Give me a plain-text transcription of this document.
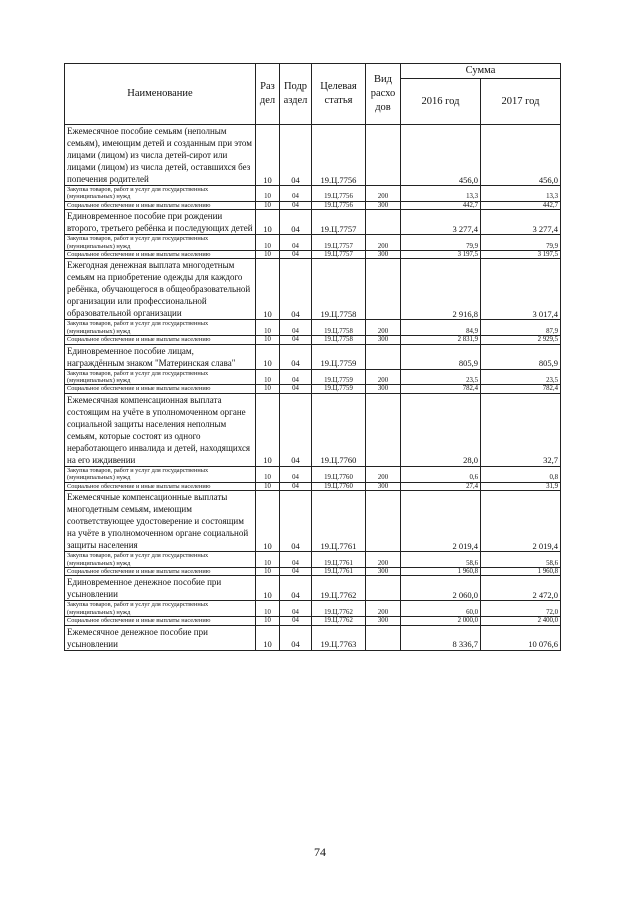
Наименование	Раз дел	Подр аздел	Целевая статья	Вид расхо дов	Сумма	
					2016 год	2017 год
Ежемесячное пособие семьям (неполным семьям), имеющим детей и созданным при этом лицами (лицом) из числа детей-сирот или лицами (лицом) из числа детей, оставшихся без попечения родителей	10	04	19.Ц.7756		456,0	456,0
Закупка товаров, работ и услуг для государственных (муниципальных) нужд	10	04	19.Ц.7756	200	13,3	13,3
Социальное обеспечение и иные выплаты населению	10	04	19.Ц.7756	300	442,7	442,7
Единовременное пособие при рождении второго, третьего ребёнка и последующих детей	10	04	19.Ц.7757		3 277,4	3 277,4
Закупка товаров, работ и услуг для государственных (муниципальных) нужд	10	04	19.Ц.7757	200	79,9	79,9
Социальное обеспечение и иные выплаты населению	10	04	19.Ц.7757	300	3 197,5	3 197,5
Ежегодная денежная выплата многодетным семьям на приобретение одежды для каждого ребёнка, обучающегося в общеобразовательной организации или профессиональной образовательной организации	10	04	19.Ц.7758		2 916,8	3 017,4
Закупка товаров, работ и услуг для государственных (муниципальных) нужд	10	04	19.Ц.7758	200	84,9	87,9
Социальное обеспечение и иные выплаты населению	10	04	19.Ц.7758	300	2 831,9	2 929,5
Единовременное пособие лицам, награждённым знаком "Материнская слава"	10	04	19.Ц.7759		805,9	805,9
Закупка товаров, работ и услуг для государственных (муниципальных) нужд	10	04	19.Ц.7759	200	23,5	23,5
Социальное обеспечение и иные выплаты населению	10	04	19.Ц.7759	300	782,4	782,4
Ежемесячная компенсационная выплата состоящим на учёте в уполномоченном органе социальной защиты населения неполным семьям, которые состоят из одного неработающего инвалида и детей, находящихся на его иждивении	10	04	19.Ц.7760		28,0	32,7
Закупка товаров, работ и услуг для государственных (муниципальных) нужд	10	04	19.Ц.7760	200	0,6	0,8
Социальное обеспечение и иные выплаты населению	10	04	19.Ц.7760	300	27,4	31,9
Ежемесячные компенсационные выплаты многодетным семьям, имеющим соответствующее удостоверение и состоящим на учёте в уполномоченном органе социальной защиты населения	10	04	19.Ц.7761		2 019,4	2 019,4
Закупка товаров, работ и услуг для государственных (муниципальных) нужд	10	04	19.Ц.7761	200	58,6	58,6
Социальное обеспечение и иные выплаты населению	10	04	19.Ц.7761	300	1 960,8	1 960,8
Единовременное денежное пособие при усыновлении	10	04	19.Ц.7762		2 060,0	2 472,0
Закупка товаров, работ и услуг для государственных (муниципальных) нужд	10	04	19.Ц.7762	200	60,0	72,0
Социальное обеспечение и иные выплаты населению	10	04	19.Ц.7762	300	2 000,0	2 400,0
Ежемесячное денежное пособие при усыновлении	10	04	19.Ц.7763		8 336,7	10 076,6
74
